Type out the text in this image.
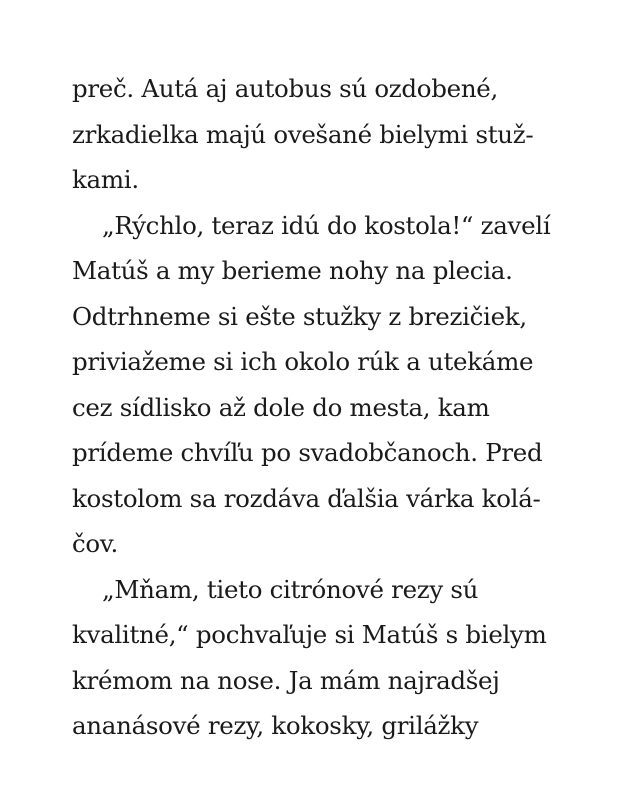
preč. Autá aj autobus sú ozdobené,
zrkadielka majú ovešané bielymi stuž-
kami.
„Rýchlo, teraz idú do kostola!“ zavelí
Matúš a my berieme nohy na plecia.
Odtrhneme si ešte stužky z brezičiek,
priviažeme si ich okolo rúk a utekáme
cez sídlisko až dole do mesta, kam
prídeme chvíľu po svadobčanoch. Pred
kostolom sa rozdáva ďalšia várka kolá-
čov.
„Mňam, tieto citrónové rezy sú
kvalitné,“ pochvaľuje si Matúš s bielym
krémom na nose. Ja mám najradšej
ananásové rezy, kokosky, grilážky
